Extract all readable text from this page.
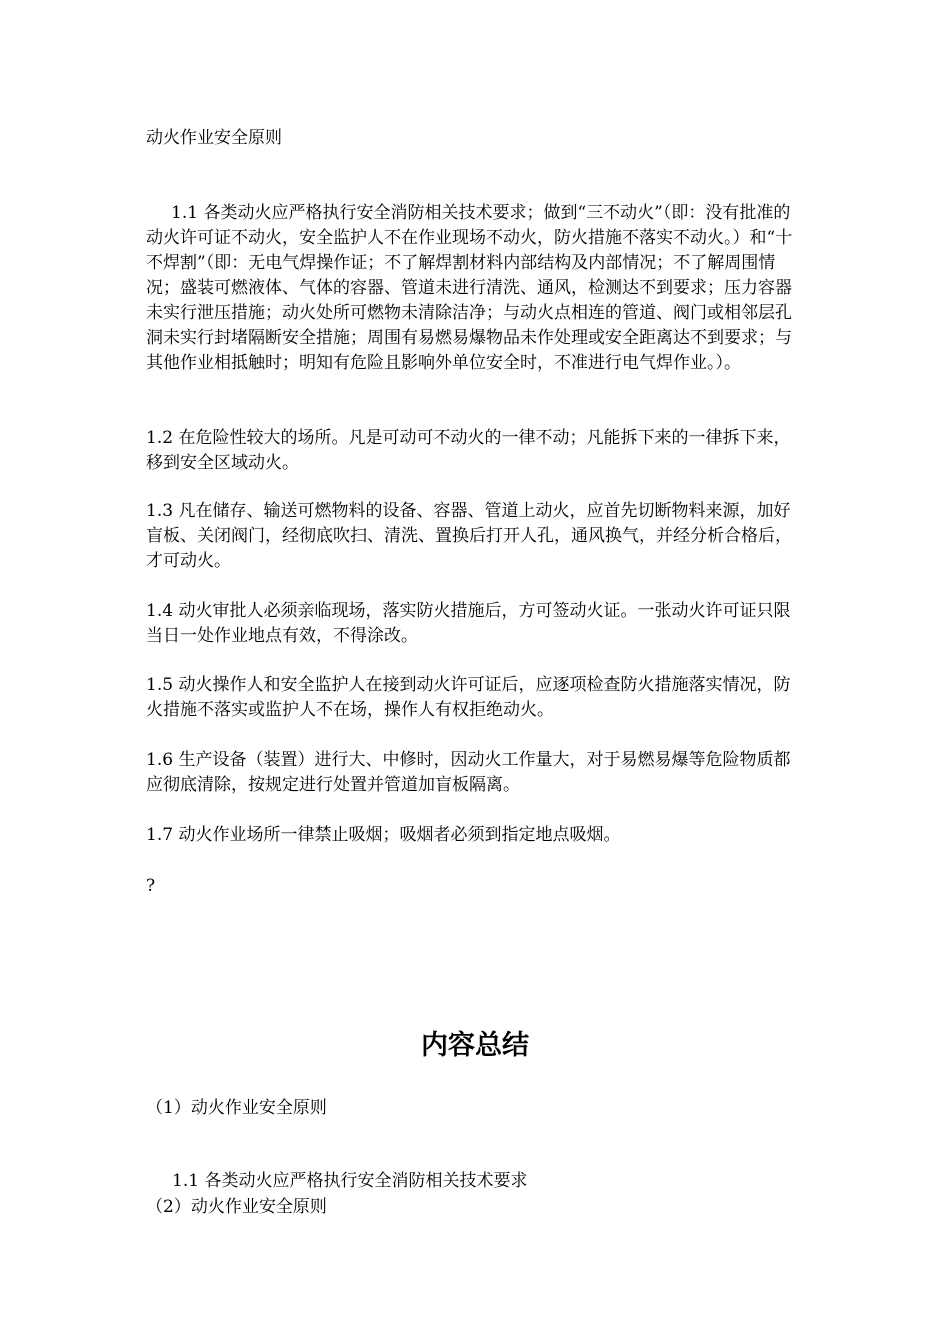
动火作业安全原则

1.1 各类动火应严格执行安全消防相关技术要求；做到“三不动火”（即：没有批准的动火许可证不动火，安全监护人不在作业现场不动火，防火措施不落实不动火。）和“十不焊割”（即：无电气焊操作证；不了解焊割材料内部结构及内部情况；不了解周围情况；盛装可燃液体、气体的容器、管道未进行清洗、通风，检测达不到要求；压力容器未实行泄压措施；动火处所可燃物未清除洁净；与动火点相连的管道、阀门或相邻层孔洞未实行封堵隔断安全措施；周围有易燃易爆物品未作处理或安全距离达不到要求；与其他作业相抵触时；明知有危险且影响外单位安全时，不准进行电气焊作业。）。

1.2 在危险性较大的场所。凡是可动可不动火的一律不动；凡能拆下来的一律拆下来，移到安全区域动火。

1.3 凡在储存、输送可燃物料的设备、容器、管道上动火，应首先切断物料来源，加好盲板、关闭阀门，经彻底吹扫、清洗、置换后打开人孔，通风换气，并经分析合格后，才可动火。

1.4 动火审批人必须亲临现场，落实防火措施后，方可签动火证。一张动火许可证只限当日一处作业地点有效，不得涂改。

1.5 动火操作人和安全监护人在接到动火许可证后，应逐项检查防火措施落实情况，防火措施不落实或监护人不在场，操作人有权拒绝动火。

1.6 生产设备（装置）进行大、中修时，因动火工作量大，对于易燃易爆等危险物质都应彻底清除，按规定进行处置并管道加盲板隔离。

1.7 动火作业场所一律禁止吸烟；吸烟者必须到指定地点吸烟。

?

内容总结

（1）动火作业安全原则

1.1 各类动火应严格执行安全消防相关技术要求

（2）动火作业安全原则
